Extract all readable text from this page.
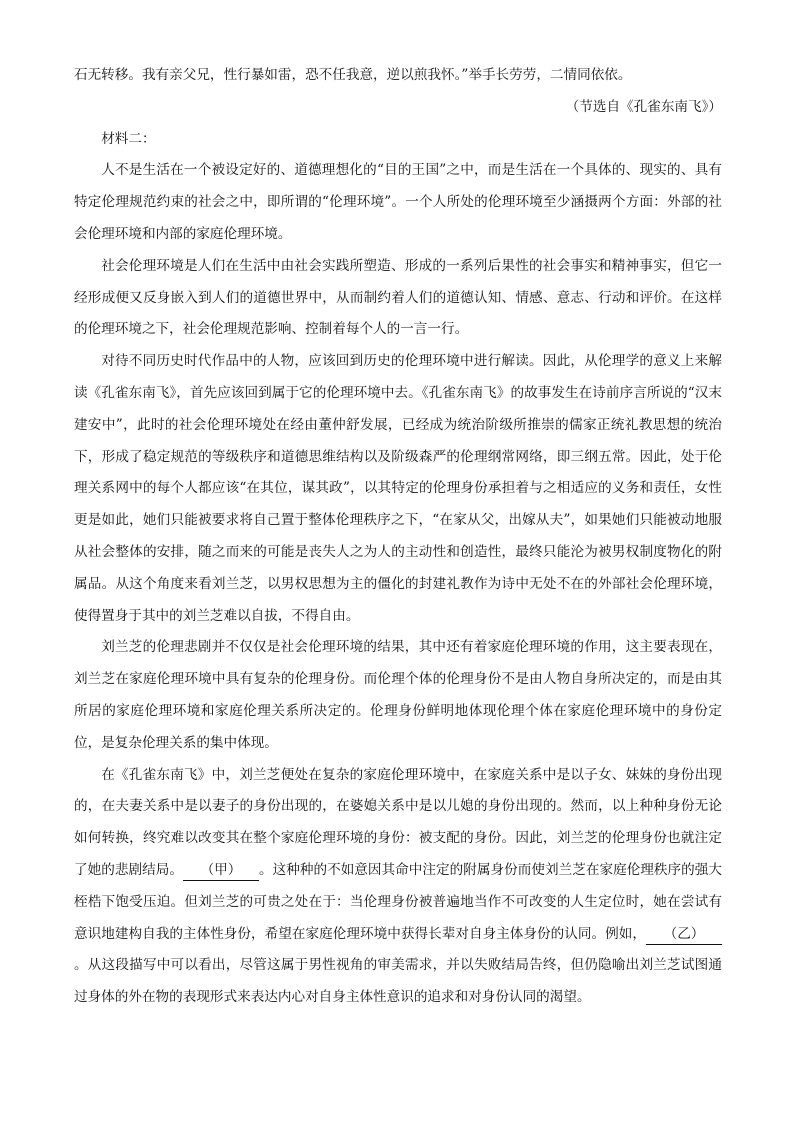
石无转移。我有亲父兄，性行暴如雷，恐不任我意，逆以煎我怀。”举手长劳劳，二情同依依。

（节选自《孔雀东南飞》）

材料二：

人不是生活在一个被设定好的、道德理想化的“目的王国”之中，而是生活在一个具体的、现实的、具有特定伦理规范约束的社会之中，即所谓的“伦理环境”。一个人所处的伦理环境至少涵摄两个方面：外部的社会伦理环境和内部的家庭伦理环境。

社会伦理环境是人们在生活中由社会实践所塑造、形成的一系列后果性的社会事实和精神事实，但它一经形成便又反身嵌入到人们的道德世界中，从而制约着人们的道德认知、情感、意志、行动和评价。在这样的伦理环境之下，社会伦理规范影响、控制着每个人的一言一行。

对待不同历史时代作品中的人物，应该回到历史的伦理环境中进行解读。因此，从伦理学的意义上来解读《孔雀东南飞》，首先应该回到属于它的伦理环境中去。《孔雀东南飞》的故事发生在诗前序言所说的“汉末建安中”，此时的社会伦理环境处在经由董仲舒发展，已经成为统治阶级所推崇的儒家正统礼教思想的统治下，形成了稳定规范的等级秩序和道德思维结构以及阶级森严的伦理纲常网络，即三纲五常。因此，处于伦理关系网中的每个人都应该“在其位，谋其政”，以其特定的伦理身份承担着与之相适应的义务和责任，女性更是如此，她们只能被要求将自己置于整体伦理秩序之下，“在家从父，出嫁从夫”，如果她们只能被动地服从社会整体的安排，随之而来的可能是丧失人之为人的主动性和创造性，最终只能沦为被男权制度物化的附属品。从这个角度来看刘兰芝，以男权思想为主的僵化的封建礼教作为诗中无处不在的外部社会伦理环境，使得置身于其中的刘兰芝难以自拔，不得自由。

刘兰芝的伦理悲剧并不仅仅是社会伦理环境的结果，其中还有着家庭伦理环境的作用，这主要表现在，刘兰芝在家庭伦理环境中具有复杂的伦理身份。而伦理个体的伦理身份不是由人物自身所决定的，而是由其所居的家庭伦理环境和家庭伦理关系所决定的。伦理身份鲜明地体现伦理个体在家庭伦理环境中的身份定位，是复杂伦理关系的集中体现。

在《孔雀东南飞》中，刘兰芝便处在复杂的家庭伦理环境中，在家庭关系中是以子女、妹妹的身份出现的，在夫妻关系中是以妻子的身份出现的，在婆媳关系中是以儿媳的身份出现的。然而，以上种种身份无论如何转换，终究难以改变其在整个家庭伦理环境的身份：被支配的身份。因此，刘兰芝的伦理身份也就注定了她的悲剧结局。 （甲） 。这种种的不如意因其命中注定的附属身份而使刘兰芝在家庭伦理秩序的强大桎梏下饱受压迫。但刘兰芝的可贵之处在于：当伦理身份被普遍地当作不可改变的人生定位时，她在尝试有意识地建构自我的主体性身份，希望在家庭伦理环境中获得长辈对自身主体身份的认同。例如， （乙）。从这段描写中可以看出，尽管这属于男性视角的审美需求，并以失败结局告终，但仍隐喻出刘兰芝试图通过身体的外在物的表现形式来表达内心对自身主体性意识的追求和对身份认同的渴望。
